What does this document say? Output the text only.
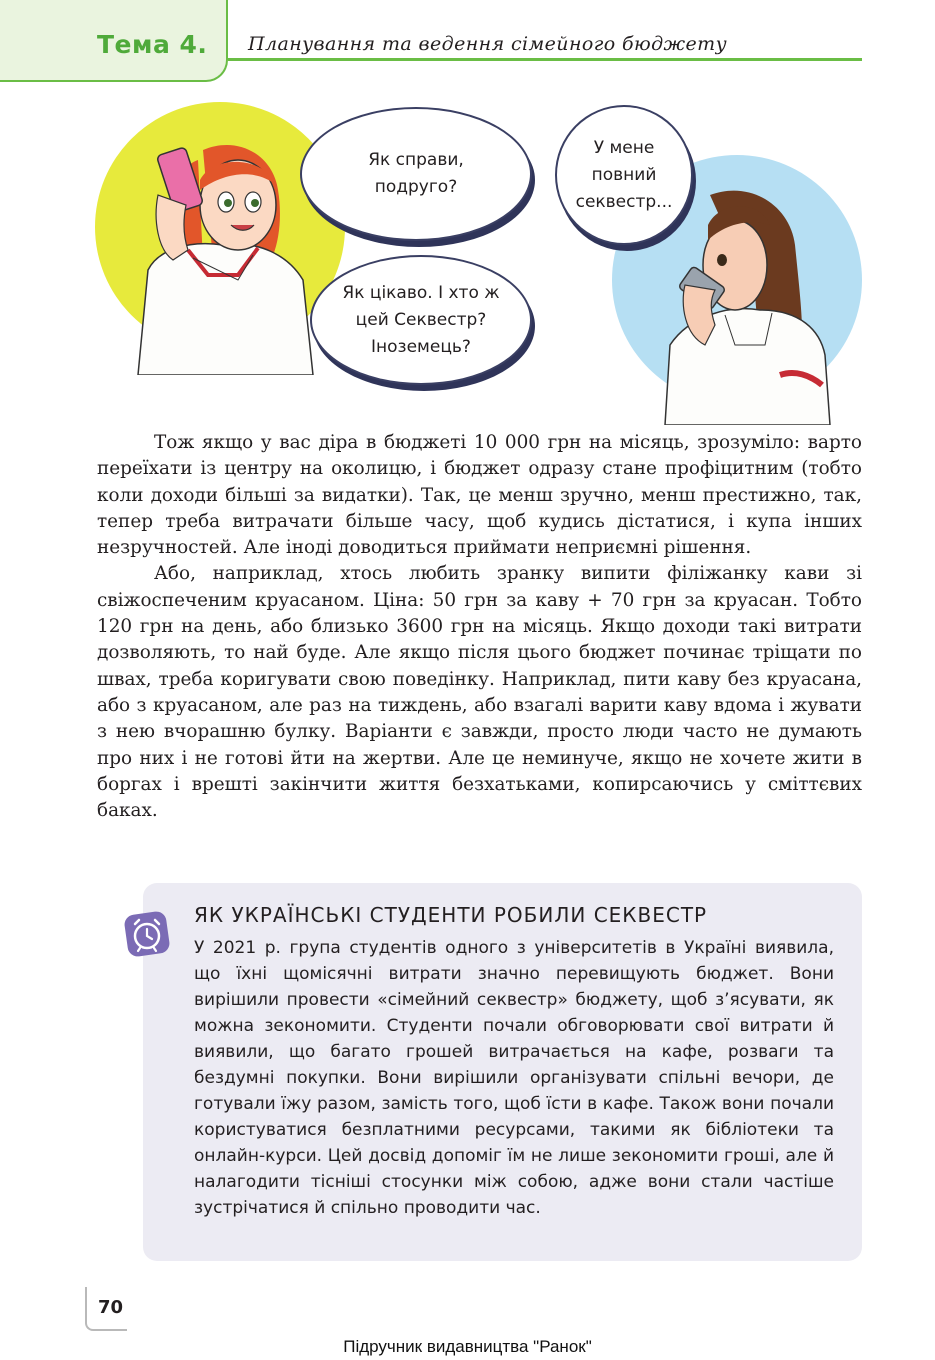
Тема 4. Планування та ведення сімейного бюджету
Як справи,
подруго?
Як цікаво. І хто ж
цей Секвестр?
Іноземець?
У мене
повний
секвестр...

Тож якщо у вас діра в бюджеті 10 000 грн на місяць, зрозуміло: варто переїхати із центру на околицю, і бюджет одразу стане профіцитним (тобто коли доходи більші за видатки). Так, це менш зручно, менш престижно, так, тепер треба витрачати більше часу, щоб кудись дістатися, і купа інших незручностей. Але іноді доводиться приймати неприємні рішення.

Або, наприклад, хтось любить зранку випити філіжанку кави зі свіжоспеченим круасаном. Ціна: 50 грн за каву + 70 грн за круасан. Тобто 120 грн на день, або близько 3600 грн на місяць. Якщо доходи такі витрати дозволяють, то най буде. Але якщо після цього бюджет починає тріщати по швах, треба коригувати свою поведінку. Наприклад, пити каву без круасана, або з круасаном, але раз на тиждень, або взагалі варити каву вдома і жувати з нею вчорашню булку. Варіанти є завжди, просто люди часто не думають про них і не готові йти на жертви. Але це неминуче, якщо не хочете жити в боргах і врешті закінчити життя безхатьками, копирсаючись у сміттєвих баках.

ЯК УКРАЇНСЬКІ СТУДЕНТИ РОБИЛИ СЕКВЕСТР
У 2021 р. група студентів одного з університетів в Україні виявила, що їхні щомісячні витрати значно перевищують бюджет. Вони вирішили провести «сімейний секвестр» бюджету, щоб з’ясувати, як можна зекономити. Студенти почали обговорювати свої витрати й виявили, що багато грошей витрачається на кафе, розваги та бездумні покупки. Вони вирішили організувати спільні вечори, де готували їжу разом, замість того, щоб їсти в кафе. Також вони почали користуватися безплатними ресурсами, такими як бібліотеки та онлайн-курси. Цей досвід допоміг їм не лише зекономити гроші, але й налагодити тісніші стосунки між собою, адже вони стали частіше зустрічатися й спільно проводити час.
70
Підручник видавництва "Ранок"
